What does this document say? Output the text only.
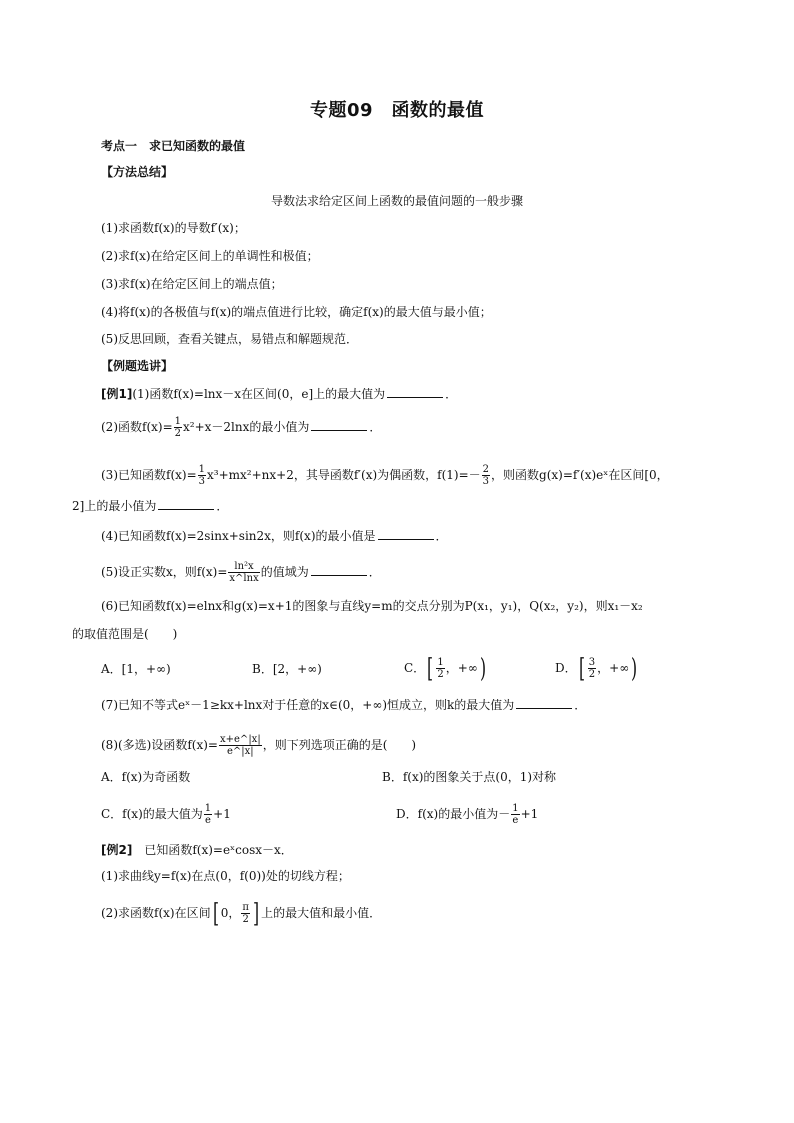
专题09　函数的最值
考点一　求已知函数的最值
【方法总结】
导数法求给定区间上函数的最值问题的一般步骤
(1)求函数f(x)的导数f′(x)；
(2)求f(x)在给定区间上的单调性和极值；
(3)求f(x)在给定区间上的端点值；
(4)将f(x)的各极值与f(x)的端点值进行比较，确定f(x)的最大值与最小值；
(5)反思回顾，查看关键点，易错点和解题规范．
【例题选讲】
[例1](1)函数f(x)=lnx－x在区间(0，e]上的最大值为	．
(2)函数$f(x)= \frac{1}{2} x^2+x-2\ln x$的最小值为	．
(3)已知函数$f(x)= \frac{1}{3} x^3+mx^2+nx+2$，其导函数f′(x)为偶函数，$f(1)=- \frac{2}{3}$ ，则函数g(x)=f′(x)eˣ在区间[0，
2]上的最小值为	．
(4)已知函数f(x)=2sinx+sin2x，则f(x)的最小值是	．
(5)设正实数x，则$f(x)= \frac{\text{ln²x}}{x\^{}\ln x}$ 的值域为	．
(6)已知函数f(x)=elnx和g(x)=x+1的图象与直线y=m的交点分别为P(x₁，y₁)，Q(x₂，y₂)，则x₁－x₂
的取值范围是(　　)
A．[1，+∞)	B．[2，+∞)	C．[ $\frac{1}{2}$ ，+∞)	D．[ $\frac{3}{2}$ ，+∞)
(7)已知不等式eˣ－1≥kx+lnx对于任意的x∈(0，+∞)恒成立，则k的最大值为	．
(8)(多选)设函数$f(x)= \frac{x+e\^{}|x|}{e\^{}|x|}$ ，则下列选项正确的是(　　)
A．f(x)为奇函数	B．f(x)的图象关于点(0，1)对称
C．f(x)的最大值为 $\frac{1}{e} +1$	D．f(x)的最小值为－ $\frac{1}{e} +1$
[例2]　已知函数f(x)=eˣcosx－x．
(1)求曲线y=f(x)在点(0，f(0))处的切线方程；
(2)求函数f(x)在区间[ 0， $\frac{\pi}{2}$ ] 上的最大值和最小值．
